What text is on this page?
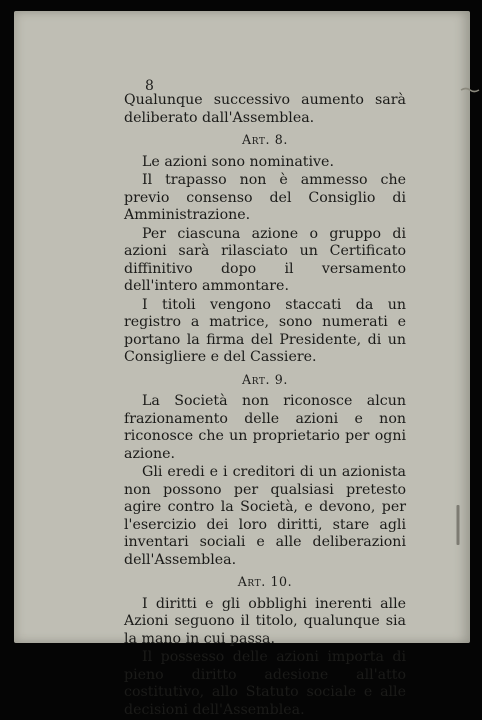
8

Qualunque successivo aumento sarà deliberato dall'Assemblea.

Art. 8.

Le azioni sono nominative.

Il trapasso non è ammesso che previo consenso del Consiglio di Amministrazione.

Per ciascuna azione o gruppo di azioni sarà rilasciato un Certificato diffinitivo dopo il versamento dell'intero ammontare.

I titoli vengono staccati da un registro a matrice, sono numerati e portano la firma del Presidente, di un Consigliere e del Cassiere.

Art. 9.

La Società non riconosce alcun frazionamento delle azioni e non riconosce che un proprietario per ogni azione.

Gli eredi e i creditori di un azionista non possono per qualsiasi pretesto agire contro la Società, e devono, per l'esercizio dei loro diritti, stare agli inventari sociali e alle deliberazioni dell'Assemblea.

Art. 10.

I diritti e gli obblighi inerenti alle Azioni seguono il titolo, qualunque sia la mano in cui passa.

Il possesso delle azioni importa di pieno diritto adesione all'atto costitutivo, allo Statuto sociale e alle decisioni dell'Assemblea.
